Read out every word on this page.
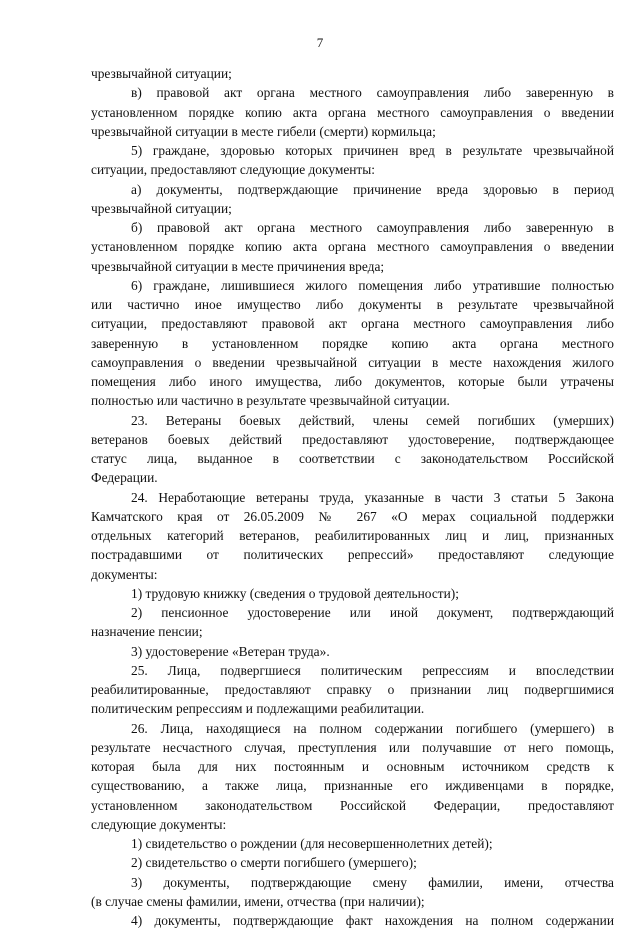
7

чрезвычайной ситуации;

в) правовой акт органа местного самоуправления либо заверенную в

установленном порядке копию акта органа местного самоуправления о введении

чрезвычайной ситуации в месте гибели (смерти) кормильца;

5) граждане, здоровью которых причинен вред в результате чрезвычайной

ситуации, предоставляют следующие документы:

а) документы, подтверждающие причинение вреда здоровью в период

чрезвычайной ситуации;

б) правовой акт органа местного самоуправления либо заверенную в

установленном порядке копию акта органа местного самоуправления о введении

чрезвычайной ситуации в месте причинения вреда;

6) граждане, лишившиеся жилого помещения либо утратившие полностью

или частично иное имущество либо документы в результате чрезвычайной

ситуации, предоставляют правовой акт органа местного самоуправления либо

заверенную в установленном порядке копию акта органа местного

самоуправления о введении чрезвычайной ситуации в месте нахождения жилого

помещения либо иного имущества, либо документов, которые были утрачены

полностью или частично в результате чрезвычайной ситуации.

23. Ветераны боевых действий, члены семей погибших (умерших)

ветеранов боевых действий предоставляют удостоверение, подтверждающее

статус лица, выданное в соответствии с законодательством Российской

Федерации.

24. Неработающие ветераны труда, указанные в части 3 статьи 5 Закона

Камчатского края от 26.05.2009 № 267 «О мерах социальной поддержки

отдельных категорий ветеранов, реабилитированных лиц и лиц, признанных

пострадавшими от политических репрессий» предоставляют следующие

документы:

1) трудовую книжку (сведения о трудовой деятельности);

2) пенсионное удостоверение или иной документ, подтверждающий

назначение пенсии;

3) удостоверение «Ветеран труда».

25. Лица, подвергшиеся политическим репрессиям и впоследствии

реабилитированные, предоставляют справку о признании лиц подвергшимися

политическим репрессиям и подлежащими реабилитации.

26. Лица, находящиеся на полном содержании погибшего (умершего) в

результате несчастного случая, преступления или получавшие от него помощь,

которая была для них постоянным и основным источником средств к

существованию, а также лица, признанные его иждивенцами в порядке,

установленном законодательством Российской Федерации, предоставляют

следующие документы:

1) свидетельство о рождении (для несовершеннолетних детей);

2) свидетельство о смерти погибшего (умершего);

3) документы, подтверждающие смену фамилии, имени, отчества

(в случае смены фамилии, имени, отчества (при наличии);

4) документы, подтверждающие факт нахождения на полном содержании
